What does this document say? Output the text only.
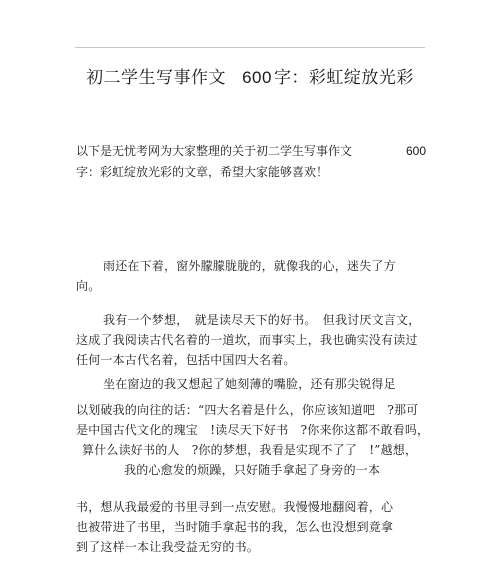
初二学生写事作文 600 字：彩虹绽放光彩
以下是无忧考网为大家整理的关于初二学生写事作文	600
字：彩虹绽放光彩的文章，希望大家能够喜欢！
雨还在下着，窗外朦朦胧胧的，就像我的心，迷失了方
向。
我有一个梦想，　就是读尽天下的好书。　但我讨厌文言文，
这成了我阅读古代名着的一道坎，而事实上，我也确实没有读过
任何一本古代名着，包括中国四大名着。
坐在窗边的我又想起了她刻薄的嘴脸，还有那尖锐得足
以划破我的向往的话：“四大名着是什么，你应该知道吧　?那可
是中国古代文化的瑰宝　!读尽天下好书　?你来你这都不敢看吗，
算什么读好书的人　?你的梦想，我看是实现不了了　!”越想，
我的心愈发的烦躁，只好随手拿起了身旁的一本
书，想从我最爱的书里寻到一点安慰。我慢慢地翻阅着，心
也被带进了书里，当时随手拿起书的我，怎么也没想到竟拿
到了这样一本让我受益无穷的书。
